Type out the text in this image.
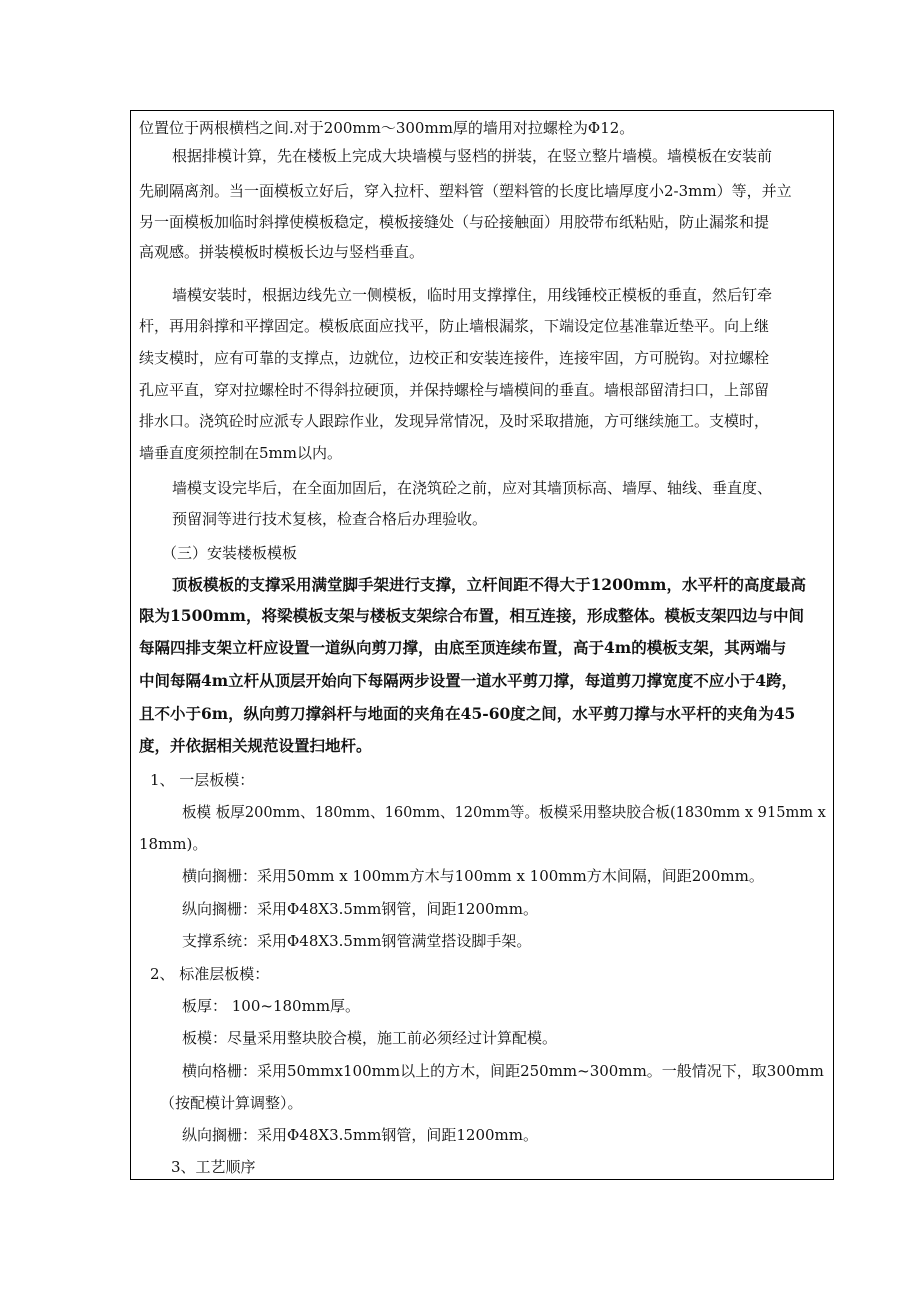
位置位于两根横档之间.对于200mm～300mm厚的墙用对拉螺栓为Φ12。
根据排模计算，先在楼板上完成大块墙模与竖档的拼装，在竖立整片墙模。墙模板在安装前
先刷隔离剂。当一面模板立好后，穿入拉杆、塑料管（塑料管的长度比墙厚度小2-3mm）等，并立
另一面模板加临时斜撑使模板稳定，模板接缝处（与砼接触面）用胶带布纸粘贴，防止漏浆和提
高观感。拼装模板时模板长边与竖档垂直。
墙模安装时，根据边线先立一侧模板，临时用支撑撑住，用线锤校正模板的垂直，然后钉牵
杆，再用斜撑和平撑固定。模板底面应找平，防止墙根漏浆，下端设定位基准靠近垫平。向上继
续支模时，应有可靠的支撑点，边就位，边校正和安装连接件，连接牢固，方可脱钩。对拉螺栓
孔应平直，穿对拉螺栓时不得斜拉硬顶，并保持螺栓与墙模间的垂直。墙根部留清扫口，上部留
排水口。浇筑砼时应派专人跟踪作业，发现异常情况，及时采取措施，方可继续施工。支模时，
墙垂直度须控制在5mm以内。
墙模支设完毕后，在全面加固后，在浇筑砼之前，应对其墙顶标高、墙厚、轴线、垂直度、
预留洞等进行技术复核，检查合格后办理验收。
（三）安装楼板模板
顶板模板的支撑采用满堂脚手架进行支撑，立杆间距不得大于1200mm，水平杆的高度最高
限为1500mm，将梁模板支架与楼板支架综合布置，相互连接，形成整体。模板支架四边与中间
每隔四排支架立杆应设置一道纵向剪刀撑，由底至顶连续布置，高于4m的模板支架，其两端与
中间每隔4m立杆从顶层开始向下每隔两步设置一道水平剪刀撑，每道剪刀撑宽度不应小于4跨，
且不小于6m，纵向剪刀撑斜杆与地面的夹角在45-60度之间，水平剪刀撑与水平杆的夹角为45
度，并依据相关规范设置扫地杆。
1、 一层板模：
板模 板厚200mm、180mm、160mm、120mm等。板模采用整块胶合板(1830mm x 915mm x
18mm)。
横向搁栅：采用50mm x 100mm方木与100mm x 100mm方木间隔，间距200mm。
纵向搁栅：采用Φ48Ⅹ3.5mm钢管，间距1200mm。
支撑系统：采用Φ48Ⅹ3.5mm钢管满堂搭设脚手架。
2、 标准层板模：
板厚： 100~180mm厚。
板模：尽量采用整块胶合模，施工前必须经过计算配模。
横向格栅：采用50mmx100mm以上的方木，间距250mm~300mm。一般情况下，取300mm
（按配模计算调整）。
纵向搁栅：采用Φ48Ⅹ3.5mm钢管，间距1200mm。
3、工艺顺序
